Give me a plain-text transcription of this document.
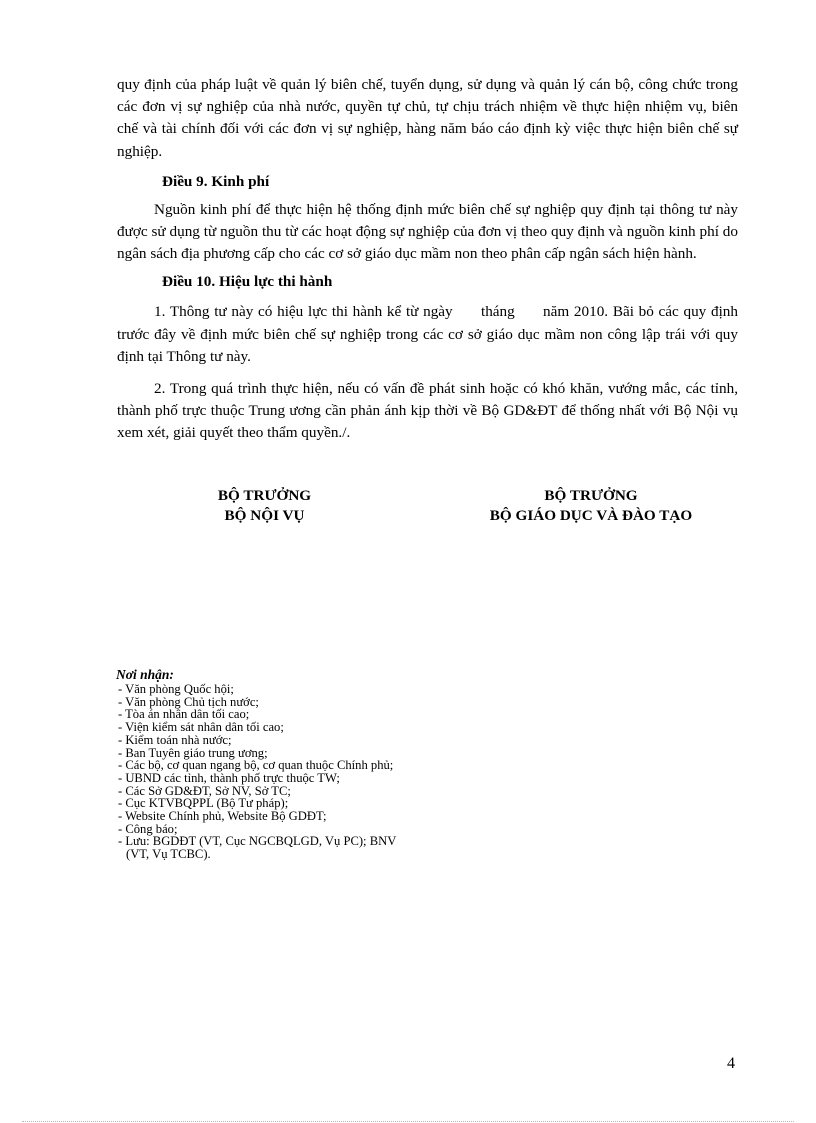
quy định của pháp luật về quản lý biên chế, tuyển dụng, sử dụng và quản lý cán bộ, công chức trong các đơn vị sự nghiệp của nhà nước, quyền tự chủ, tự chịu trách nhiệm về thực hiện nhiệm vụ, biên chế và tài chính đối với các đơn vị sự nghiệp, hàng năm báo cáo định kỳ việc thực hiện biên chế sự nghiệp.

Điều 9. Kinh phí

Nguồn kinh phí để thực hiện hệ thống định mức biên chế sự nghiệp quy định tại thông tư này được sử dụng từ nguồn thu từ các hoạt động sự nghiệp của đơn vị theo quy định và nguồn kinh phí do ngân sách địa phương cấp cho các cơ sở giáo dục mầm non theo phân cấp ngân sách hiện hành.

Điều 10. Hiệu lực thi hành

1. Thông tư này có hiệu lực thi hành kể từ ngày      tháng      năm 2010. Bãi bỏ các quy định trước đây về định mức biên chế sự nghiệp trong các cơ sở giáo dục mầm non công lập trái với quy định tại Thông tư này.

2. Trong quá trình thực hiện, nếu có vấn đề phát sinh hoặc có khó khăn, vướng mắc, các tỉnh, thành phố trực thuộc Trung ương cần phản ánh kịp thời về Bộ GD&ĐT để thống nhất với Bộ Nội vụ xem xét, giải quyết theo thẩm quyền./.

BỘ TRƯỞNG
BỘ NỘI VỤ
BỘ TRƯỞNG
BỘ GIÁO DỤC VÀ ĐÀO TẠO
Nơi nhận:
- Văn phòng Quốc hội;
- Văn phòng Chủ tịch nước;
- Tòa án nhân dân tối cao;
- Viện kiểm sát nhân dân tối cao;
- Kiểm toán nhà nước;
- Ban Tuyên giáo trung ương;
- Các bộ, cơ quan ngang bộ, cơ quan thuộc Chính phủ;
- UBND các tỉnh, thành phố trực thuộc TW;
- Các Sở GD&ĐT, Sở NV, Sở TC;
- Cục KTVBQPPL (Bộ Tư pháp);
- Website Chính phủ, Website Bộ GDĐT;
- Công báo;
- Lưu: BGDĐT (VT, Cục NGCBQLGD, Vụ PC); BNV
(VT, Vụ TCBC).
4
